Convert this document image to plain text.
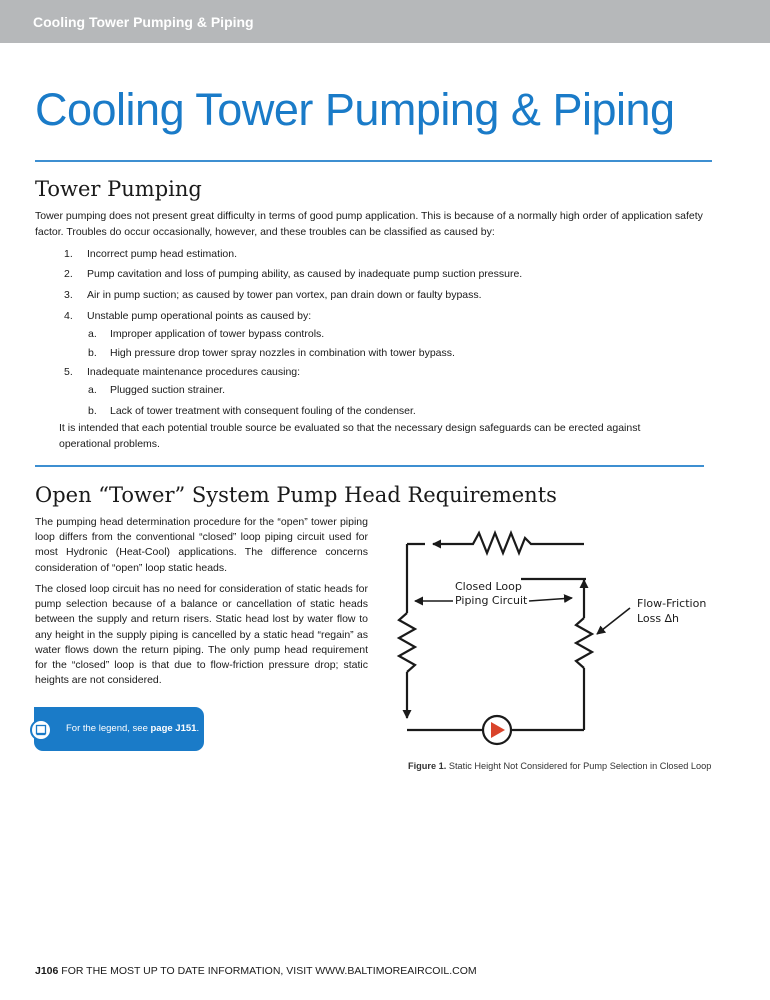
Cooling Tower Pumping & Piping
Cooling Tower Pumping & Piping
Tower Pumping

Tower pumping does not present great difficulty in terms of good pump application. This is because of a normally high order of application safety factor. Troubles do occur occasionally, however, and these troubles can be classified as caused by:

1. Incorrect pump head estimation.
2. Pump cavitation and loss of pumping ability, as caused by inadequate pump suction pressure.
3. Air in pump suction; as caused by tower pan vortex, pan drain down or faulty bypass.
4. Unstable pump operational points as caused by:
a. Improper application of tower bypass controls.
b. High pressure drop tower spray nozzles in combination with tower bypass.
5. Inadequate maintenance procedures causing:
a. Plugged suction strainer.
b. Lack of tower treatment with consequent fouling of the condenser.

It is intended that each potential trouble source be evaluated so that the necessary design safeguards can be erected against operational problems.

Open “Tower” System Pump Head Requirements

The pumping head determination procedure for the “open” tower piping loop differs from the conventional “closed” loop piping circuit used for most Hydronic (Heat-Cool) applications. The difference concerns consideration of “open” loop static heads.

The closed loop circuit has no need for consideration of static heads for pump selection because of a balance or cancellation of static heads between the supply and return risers. Static head lost by water flow to any height in the supply piping is cancelled by a static head “regain” as water flows down the return piping. The only pump head requirement for the “closed” loop is that due to flow-friction pressure drop; static heights are not considered.

For the legend, see page J151.
Closed Loop
Piping Circuit	Flow-Friction
Loss ∆h
Figure 1. Static Height Not Considered for Pump Selection in Closed Loop
J106 FOR THE MOST UP TO DATE INFORMATION, VISIT WWW.BALTIMOREAIRCOIL.COM
